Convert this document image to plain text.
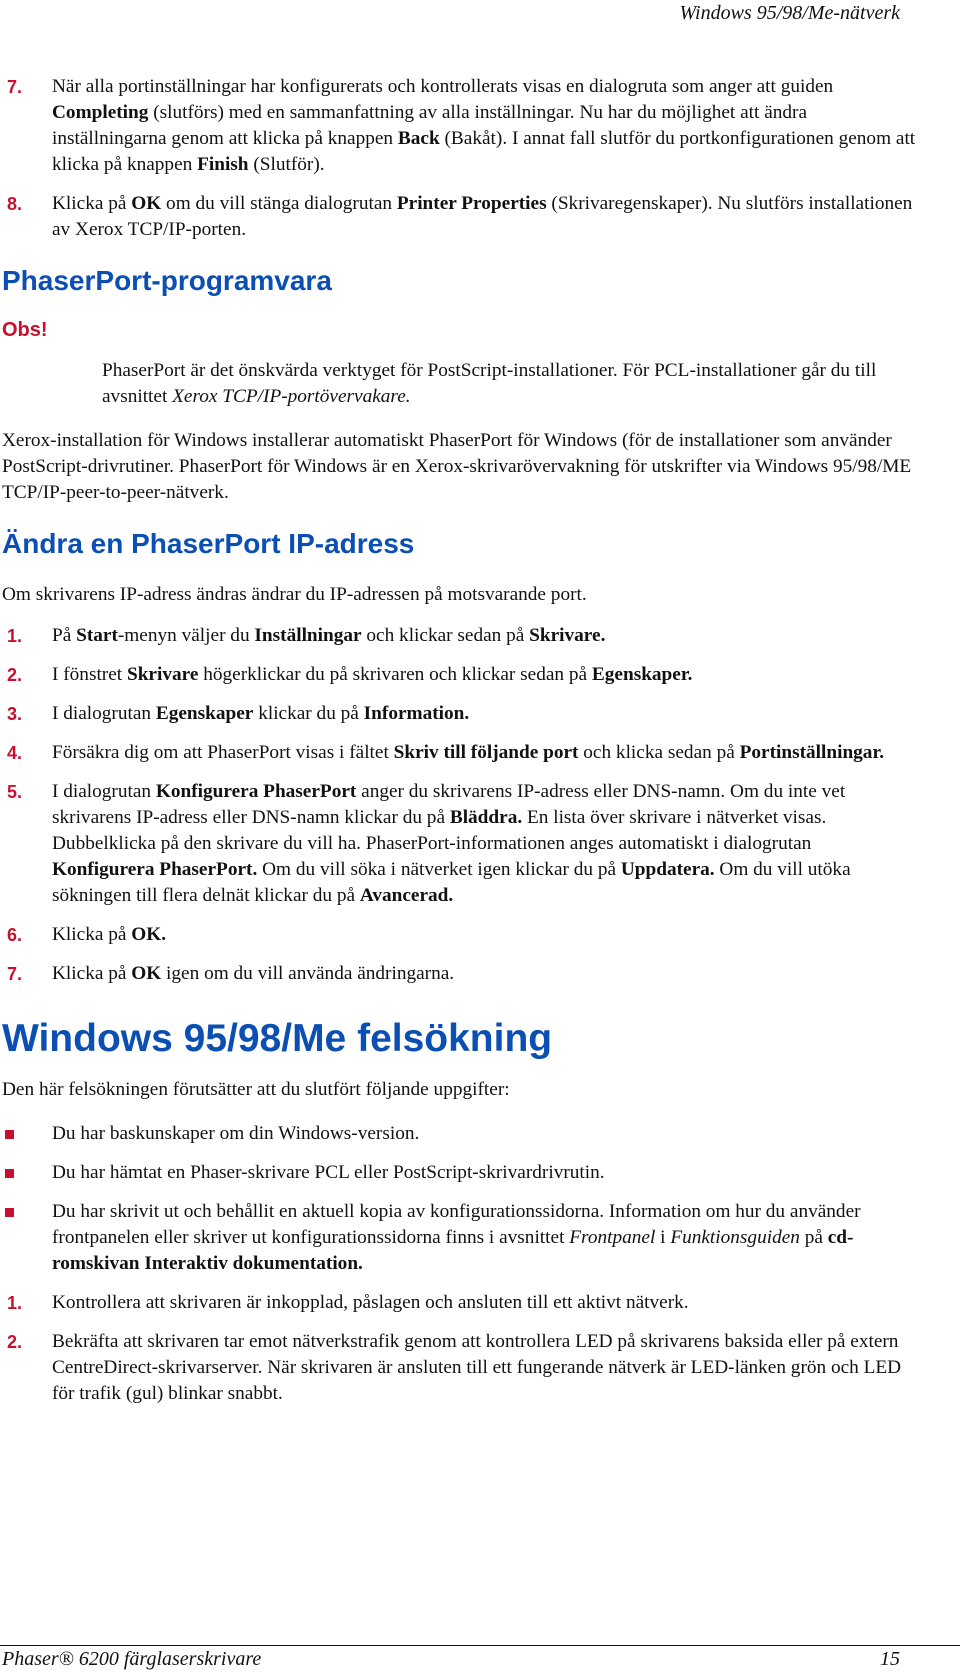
Windows 95/98/Me-nätverk
7. När alla portinställningar har konfigurerats och kontrollerats visas en dialogruta som anger att guiden Completing (slutförs) med en sammanfattning av alla inställningar. Nu har du möjlighet att ändra inställningarna genom att klicka på knappen Back (Bakåt). I annat fall slutför du portkonfigurationen genom att klicka på knappen Finish (Slutför).
8. Klicka på OK om du vill stänga dialogrutan Printer Properties (Skrivaregenskaper). Nu slutförs installationen av Xerox TCP/IP-porten.
PhaserPort-programvara
Obs!
PhaserPort är det önskvärda verktyget för PostScript-installationer. För PCL-installationer går du till avsnittet Xerox TCP/IP-portövervakare.

Xerox-installation för Windows installerar automatiskt PhaserPort för Windows (för de installationer som använder PostScript-drivrutiner. PhaserPort för Windows är en Xerox-skrivarövervakning för utskrifter via Windows 95/98/ME TCP/IP-peer-to-peer-nätverk.

Ändra en PhaserPort IP-adress

Om skrivarens IP-adress ändras ändrar du IP-adressen på motsvarande port.

1. På Start-menyn väljer du Inställningar och klickar sedan på Skrivare.
2. I fönstret Skrivare högerklickar du på skrivaren och klickar sedan på Egenskaper.
3. I dialogrutan Egenskaper klickar du på Information.
4. Försäkra dig om att PhaserPort visas i fältet Skriv till följande port och klicka sedan på Portinställningar.
5. I dialogrutan Konfigurera PhaserPort anger du skrivarens IP-adress eller DNS-namn. Om du inte vet skrivarens IP-adress eller DNS-namn klickar du på Bläddra. En lista över skrivare i nätverket visas. Dubbelklicka på den skrivare du vill ha. PhaserPort-informationen anges automatiskt i dialogrutan Konfigurera PhaserPort. Om du vill söka i nätverket igen klickar du på Uppdatera. Om du vill utöka sökningen till flera delnät klickar du på Avancerad.
6. Klicka på OK.
7. Klicka på OK igen om du vill använda ändringarna.
Windows 95/98/Me felsökning

Den här felsökningen förutsätter att du slutfört följande uppgifter:

Du har baskunskaper om din Windows-version.
Du har hämtat en Phaser-skrivare PCL eller PostScript-skrivardrivrutin.
Du har skrivit ut och behållit en aktuell kopia av konfigurationssidorna. Information om hur du använder frontpanelen eller skriver ut konfigurationssidorna finns i avsnittet Frontpanel i Funktionsguiden på cd-romskivan Interaktiv dokumentation.
1. Kontrollera att skrivaren är inkopplad, påslagen och ansluten till ett aktivt nätverk.
2. Bekräfta att skrivaren tar emot nätverkstrafik genom att kontrollera LED på skrivarens baksida eller på extern CentreDirect-skrivarserver. När skrivaren är ansluten till ett fungerande nätverk är LED-länken grön och LED för trafik (gul) blinkar snabbt.
Phaser® 6200 färglaserskrivare	15
